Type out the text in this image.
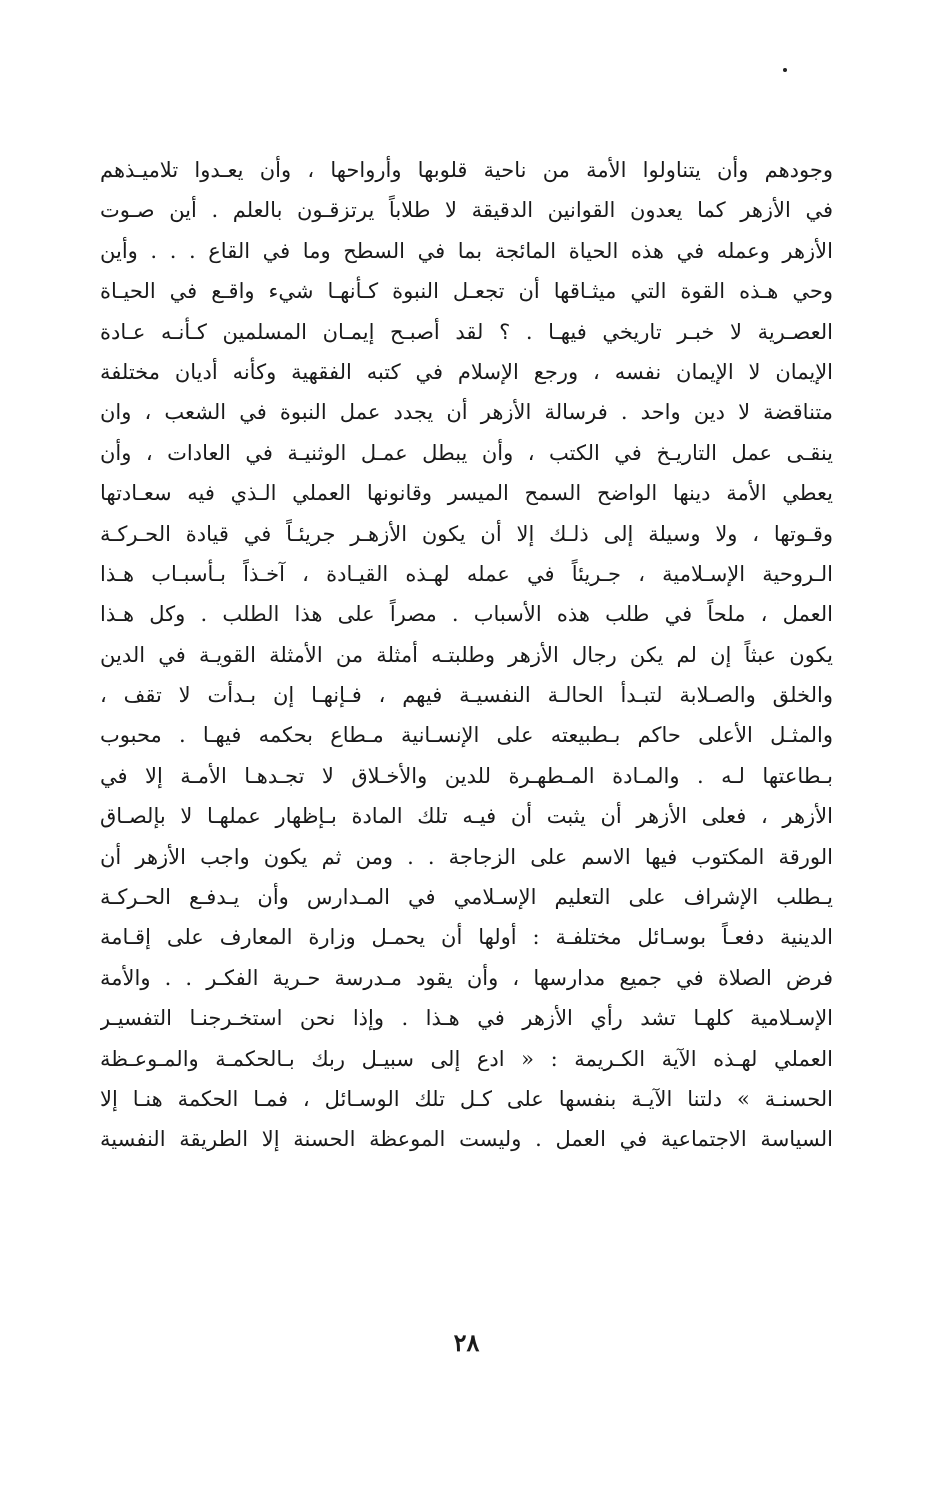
وجودهم وأن يتناولوا الأمة من ناحية قلوبها وأرواحها ، وأن يعـدوا تلاميـذهم
في الأزهر كما يعدون القوانين الدقيقة لا طلاباً يرتزقـون بالعلم . أين صـوت
الأزهر وعمله في هذه الحياة المائجة بما في السطح وما في القاع . . . وأين
وحي هـذه القوة التي ميثـاقها أن تجعـل النبوة كـأنهـا شيء واقـع في الحيـاة
العصـرية لا خبـر تاريخي فيهـا . ؟ لقد أصبـح إيمـان المسلمين كـأنـه عـادة
الإيمان لا الإيمان نفسه ، ورجع الإسلام في كتبه الفقهية وكأنه أديان مختلفة
متناقضة لا دين واحد . فرسالة الأزهر أن يجدد عمل النبوة في الشعب ، وان
ينقـى عمل التاريـخ في الكتب ، وأن يبطل عمـل الوثنيـة في العادات ، وأن
يعطي الأمة دينها الواضح السمح الميسر وقانونها العملي الـذي فيه سعـادتها
وقـوتها ، ولا وسيلة إلى ذلـك إلا أن يكون الأزهـر جريئـاً في قيادة الحـركـة
الـروحية الإسـلامية ، جـريئاً في عمله لهـذه القيـادة ، آخـذاً بـأسبـاب هـذا
العمل ، ملحاً في طلب هذه الأسباب . مصراً على هذا الطلب . وكل هـذا
يكون عبثاً إن لم يكن رجال الأزهر وطلبتـه أمثلة من الأمثلة القويـة في الدين
والخلق والصـلابة لتبـدأ الحالـة النفسيـة فيهم ، فـإنهـا إن بـدأت لا تقف ،
والمثـل الأعلى حاكم بـطبيعته على الإنسـانية مـطاع بحكمه فيهـا . محبوب
بـطاعتها لـه . والمـادة المـطهـرة للدين والأخـلاق لا تجـدهـا الأمـة إلا في
الأزهر ، فعلى الأزهر أن يثبت أن فيـه تلك المادة بـإظهار عملهـا لا بإلصـاق
الورقة المكتوب فيها الاسم على الزجاجة . . ومن ثم يكون واجب الأزهر أن
يـطلب الإشراف على التعليم الإسـلامي في المـدارس وأن يـدفـع الحـركـة
الدينية دفعـاً بوسـائل مختلفـة : أولها أن يحمـل وزارة المعارف على إقـامة
فرض الصلاة في جميع مدارسها ، وأن يقود مـدرسة حـرية الفكـر . . والأمة
الإسـلامية كلهـا تشد رأي الأزهر في هـذا . وإذا نحن استخـرجنـا التفسيـر
العملي لهـذه الآية الكـريمة : « ادع إلى سبيـل ربك بـالحكمـة والمـوعـظة
الحسنـة » دلتنا الآيـة بنفسها على كـل تلك الوسـائل ، فمـا الحكمة هنـا إلا
السياسة الاجتماعية في العمل . وليست الموعظة الحسنة إلا الطريقة النفسية
٢٨
